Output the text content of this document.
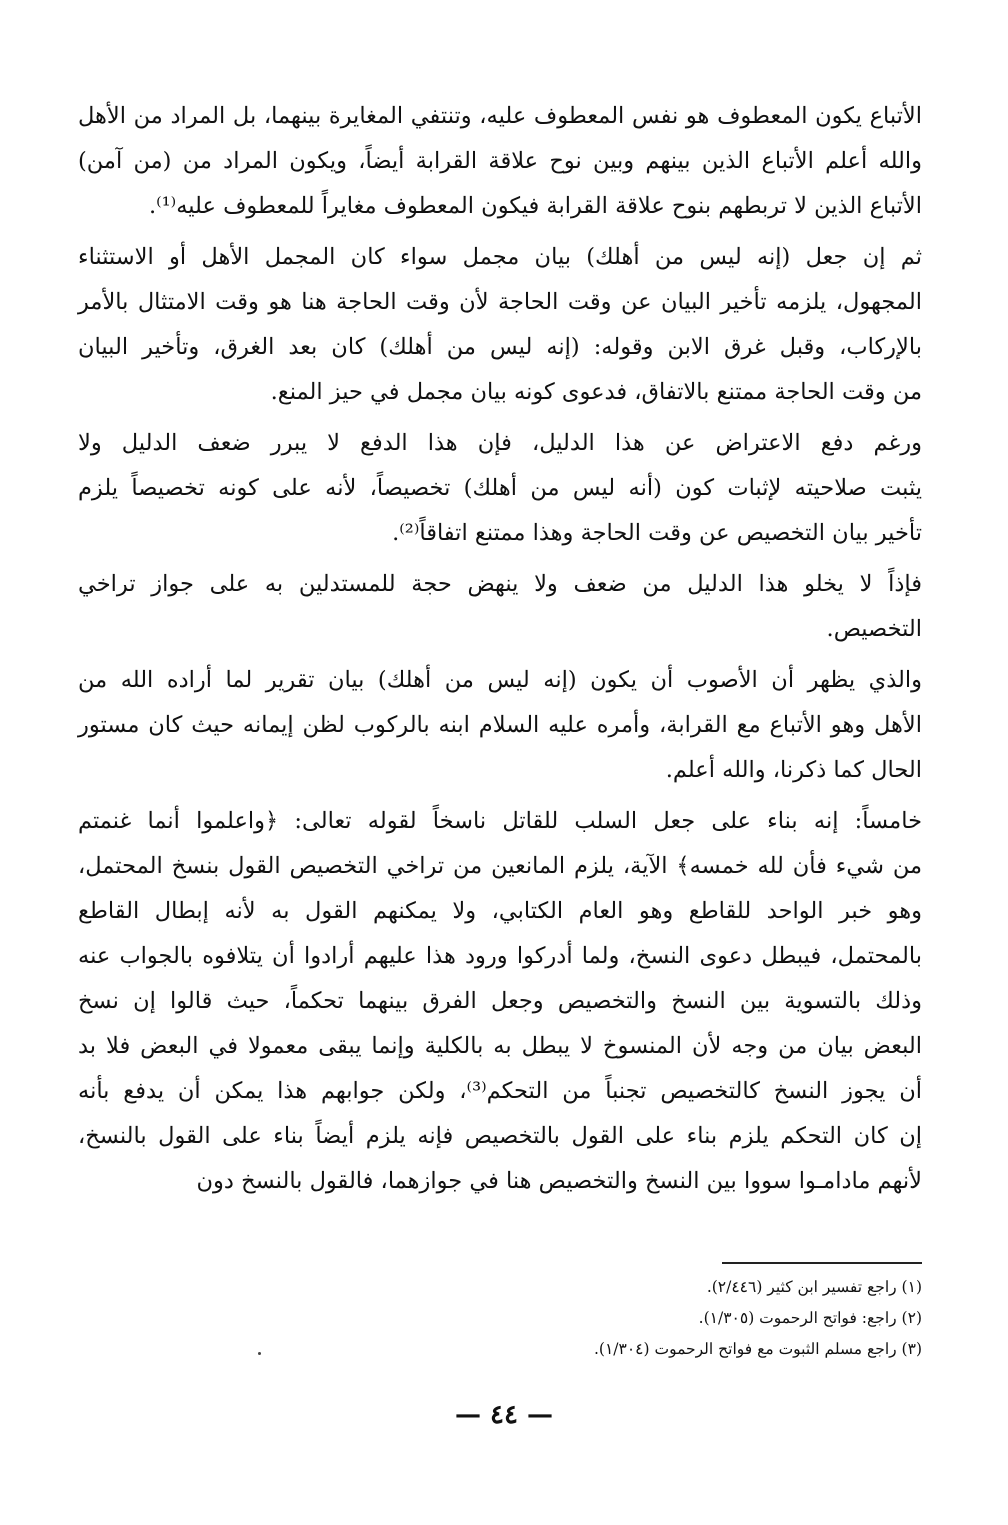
الأتباع يكون المعطوف هو نفس المعطوف عليه، وتنتفي المغايرة بينهما، بل المراد من الأهل
والله أعلم الأتباع الذين بينهم وبين نوح علاقة القرابة أيضاً، ويكون المراد من (من آمن)
الأتباع الذين لا تربطهم بنوح علاقة القرابة فيكون المعطوف مغايراً للمعطوف عليه⁽¹⁾.

ثم إن جعل (إنه ليس من أهلك) بيان مجمل سواء كان المجمل الأهل أو الاستثناء
المجهول، يلزمه تأخير البيان عن وقت الحاجة لأن وقت الحاجة هنا هو وقت الامتثال بالأمر
بالإركاب، وقبل غرق الابن وقوله: (إنه ليس من أهلك) كان بعد الغرق، وتأخير البيان
من وقت الحاجة ممتنع بالاتفاق، فدعوى كونه بيان مجمل في حيز المنع.

ورغم دفع الاعتراض عن هذا الدليل، فإن هذا الدفع لا يبرر ضعف الدليل ولا
يثبت صلاحيته لإثبات كون (أنه ليس من أهلك) تخصيصاً، لأنه على كونه تخصيصاً يلزم
تأخير بيان التخصيص عن وقت الحاجة وهذا ممتنع اتفاقاً⁽²⁾.

فإذاً لا يخلو هذا الدليل من ضعف ولا ينهض حجة للمستدلين به على جواز تراخي
التخصيص.

والذي يظهر أن الأصوب أن يكون (إنه ليس من أهلك) بيان تقرير لما أراده الله من
الأهل وهو الأتباع مع القرابة، وأمره عليه السلام ابنه بالركوب لظن إيمانه حيث كان مستور
الحال كما ذكرنا، والله أعلم.

خامساً: إنه بناء على جعل السلب للقاتل ناسخاً لقوله تعالى: ﴿واعلموا أنما غنمتم
من شيء فأن لله خمسه﴾ الآية، يلزم المانعين من تراخي التخصيص القول بنسخ المحتمل،
وهو خبر الواحد للقاطع وهو العام الكتابي، ولا يمكنهم القول به لأنه إبطال القاطع
بالمحتمل، فيبطل دعوى النسخ، ولما أدركوا ورود هذا عليهم أرادوا أن يتلافوه بالجواب عنه
وذلك بالتسوية بين النسخ والتخصيص وجعل الفرق بينهما تحكماً، حيث قالوا إن نسخ
البعض بيان من وجه لأن المنسوخ لا يبطل به بالكلية وإنما يبقى معمولا في البعض فلا بد
أن يجوز النسخ كالتخصيص تجنباً من التحكم⁽³⁾، ولكن جوابهم هذا يمكن أن يدفع بأنه
إن كان التحكم يلزم بناء على القول بالتخصيص فإنه يلزم أيضاً بناء على القول بالنسخ،
لأنهم مادامـوا سووا بين النسخ والتخصيص هنا في جوازهما، فالقول بالنسخ دون

(١) راجع تفسير ابن كثير (٢/٤٤٦).

(٢) راجع: فواتح الرحموت (١/٣٠٥).

(٣) راجع مسلم الثبوت مع فواتح الرحموت (١/٣٠٤).

— ٤٤ —
